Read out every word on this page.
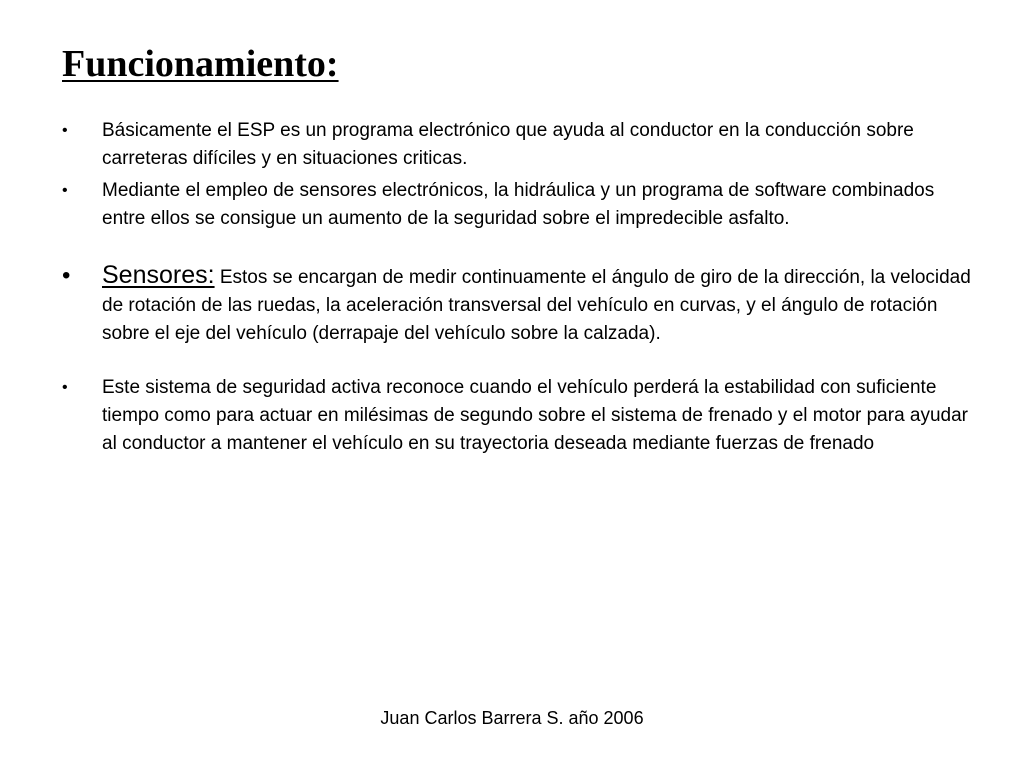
Funcionamiento:
• Básicamente el ESP es un programa electrónico que ayuda al conductor en la conducción sobre carreteras difíciles y en situaciones criticas.
• Mediante el empleo de sensores electrónicos, la hidráulica y un programa de software combinados entre ellos se consigue un aumento de la seguridad sobre el impredecible asfalto.
• Sensores: Estos se encargan de medir continuamente el ángulo de giro de la dirección, la velocidad de rotación de las ruedas, la aceleración transversal del vehículo en curvas, y el ángulo de rotación sobre el eje del vehículo (derrapaje del vehículo sobre la calzada).
• Este sistema de seguridad activa reconoce cuando el vehículo perderá la estabilidad con suficiente tiempo como para actuar en milésimas de segundo sobre el sistema de frenado y el motor para ayudar al conductor a mantener el vehículo en su trayectoria deseada mediante fuerzas de frenado

Juan Carlos Barrera S. año 2006
